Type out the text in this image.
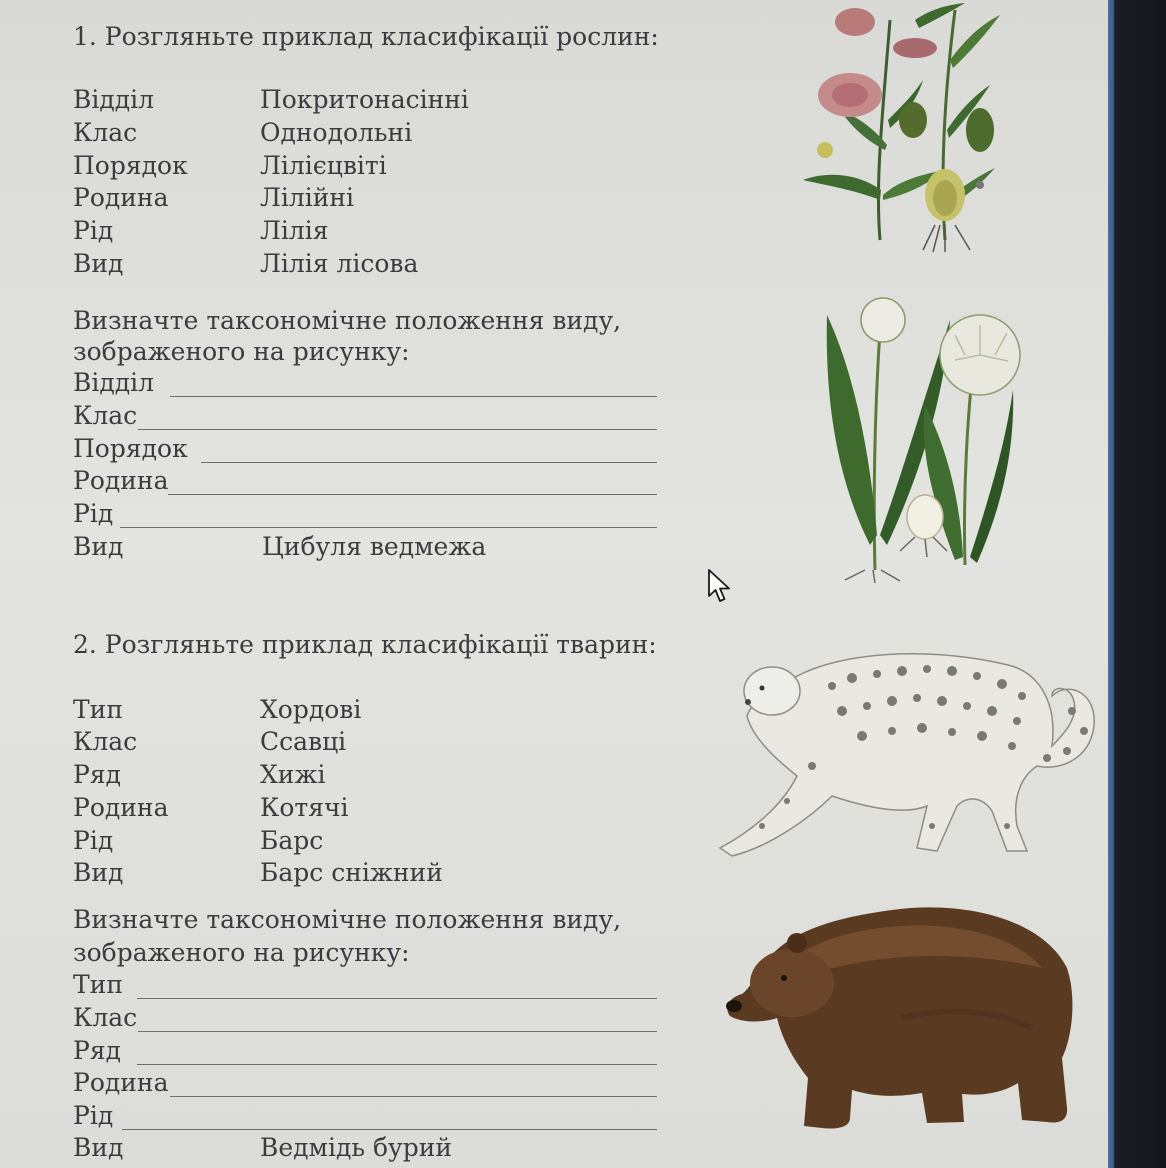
1. Розгляньте приклад класифікації рослин:
Відділ	Покритонасінні
Клас	Однодольні
Порядок	Лілієцвіті
Родина	Лілійні
Рід	Лілія
Вид	Лілія лісова
Визначте таксономічне положення виду,
зображеного на рисунку:
Відділ
Клас
Порядок
Родина
Рід
Вид	Цибуля ведмежа
2. Розгляньте приклад класифікації тварин:
Тип	Хордові
Клас	Ссавці
Ряд	Хижі
Родина	Котячі
Рід	Барс
Вид	Барс сніжний
Визначте таксономічне положення виду,
зображеного на рисунку:
Тип
Клас
Ряд
Родина
Рід
Вид	Ведмідь бурий
